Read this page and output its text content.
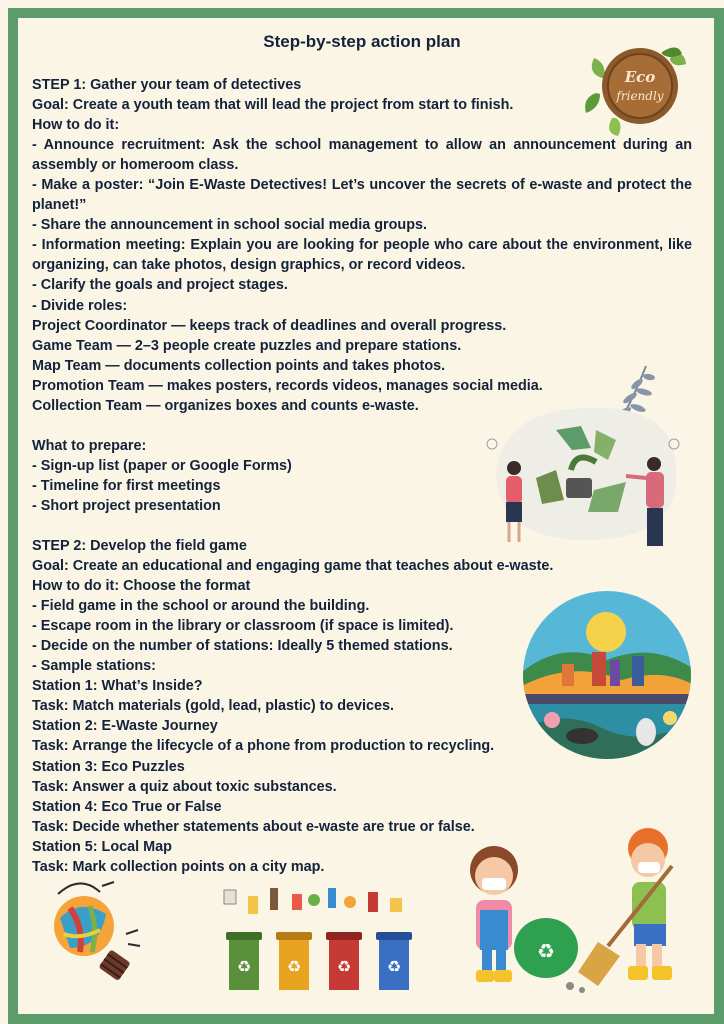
Step-by-step action plan
Eco
friendly
STEP 1: Gather your team of detectives
Goal: Create a youth team that will lead the project from start to finish.
How to do it:
- Announce recruitment: Ask the school management to allow an announcement during an assembly or homeroom class.
- Make a poster: “Join E-Waste Detectives! Let’s uncover the secrets of e-waste and protect the planet!”
- Share the announcement in school social media groups.
- Information meeting: Explain you are looking for people who care about the environment, like organizing, can take photos, design graphics, or record videos.
- Clarify the goals and project stages.
- Divide roles:
Project Coordinator — keeps track of deadlines and overall progress.
Game Team — 2–3 people create puzzles and prepare stations.
Map Team — documents collection points and takes photos.
Promotion Team — makes posters, records videos, manages social media.
Collection Team — organizes boxes and counts e-waste.
What to prepare:
- Sign-up list (paper or Google Forms)
- Timeline for first meetings
- Short project presentation
STEP 2: Develop the field game
Goal: Create an educational and engaging game that teaches about e-waste.
How to do it: Choose the format
- Field game in the school or around the building.
- Escape room in the library or classroom (if space is limited).
- Decide on the number of stations: Ideally 5 themed stations.
- Sample stations:
Station 1: What’s Inside?
Task: Match materials (gold, lead, plastic) to devices.
Station 2: E-Waste Journey
Task: Arrange the lifecycle of a phone from production to recycling.
Station 3: Eco Puzzles
Task: Answer a quiz about toxic substances.
Station 4: Eco True or False
Task: Decide whether statements about e-waste are true or false.
Station 5: Local Map
Task: Mark collection points on a city map.
♻ ♻ ♻ ♻
♻
